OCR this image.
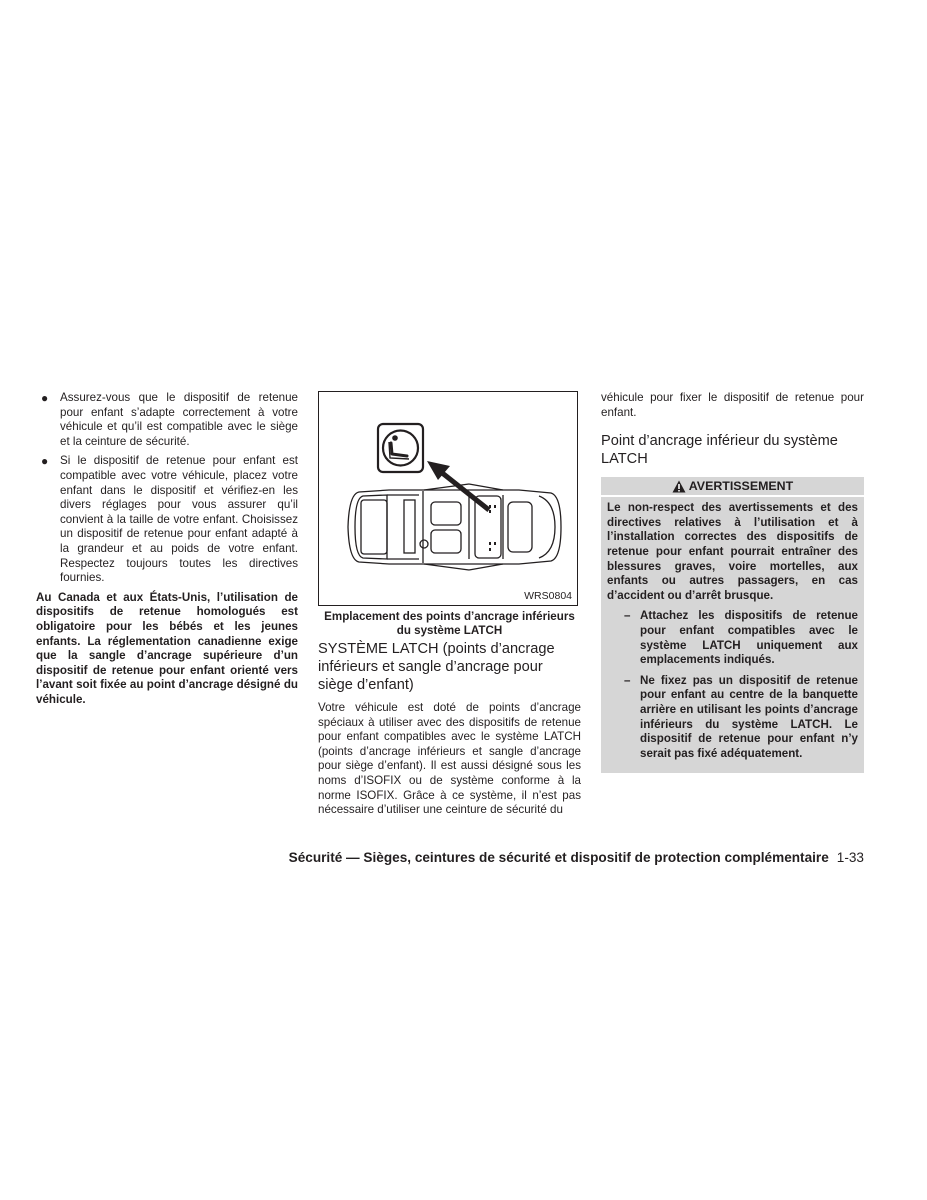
● Assurez-vous que le dispositif de retenue pour enfant s’adapte correctement à votre véhicule et qu’il est compatible avec le siège et la ceinture de sécurité.
● Si le dispositif de retenue pour enfant est compatible avec votre véhicule, placez votre enfant dans le dispositif et vérifiez-en les divers réglages pour vous assurer qu’il convient à la taille de votre enfant. Choisissez un dispositif de retenue pour enfant adapté à la grandeur et au poids de votre enfant. Respectez toujours toutes les directives fournies.

Au Canada et aux États-Unis, l’utilisation de dispositifs de retenue homologués est obligatoire pour les bébés et les jeunes enfants. La réglementation canadienne exige que la sangle d’ancrage supérieure d’un dispositif de retenue pour enfant orienté vers l’avant soit fixée au point d’ancrage désigné du véhicule.

WRS0804
Emplacement des points d’ancrage inférieurs du système LATCH
SYSTÈME LATCH (points d’ancrage inférieurs et sangle d’ancrage pour siège d’enfant)

Votre véhicule est doté de points d’ancrage spéciaux à utiliser avec des dispositifs de retenue pour enfant compatibles avec le système LATCH (points d’ancrage inférieurs et sangle d’ancrage pour siège d’enfant). Il est aussi désigné sous les noms d’ISOFIX ou de système conforme à la norme ISOFIX. Grâce à ce système, il n’est pas nécessaire d’utiliser une ceinture de sécurité du

véhicule pour fixer le dispositif de retenue pour enfant.

Point d’ancrage inférieur du système LATCH
AVERTISSEMENT
Le non-respect des avertissements et des directives relatives à l’utilisation et à l’installation correctes des dispositifs de retenue pour enfant pourrait entraîner des blessures graves, voire mortelles, aux enfants ou autres passagers, en cas d’accident ou d’arrêt brusque.
– Attachez les dispositifs de retenue pour enfant compatibles avec le système LATCH uniquement aux emplacements indiqués.
– Ne fixez pas un dispositif de retenue pour enfant au centre de la banquette arrière en utilisant les points d’ancrage inférieurs du système LATCH. Le dispositif de retenue pour enfant n’y serait pas fixé adéquatement.
Sécurité — Sièges, ceintures de sécurité et dispositif de protection complémentaire 1-33
